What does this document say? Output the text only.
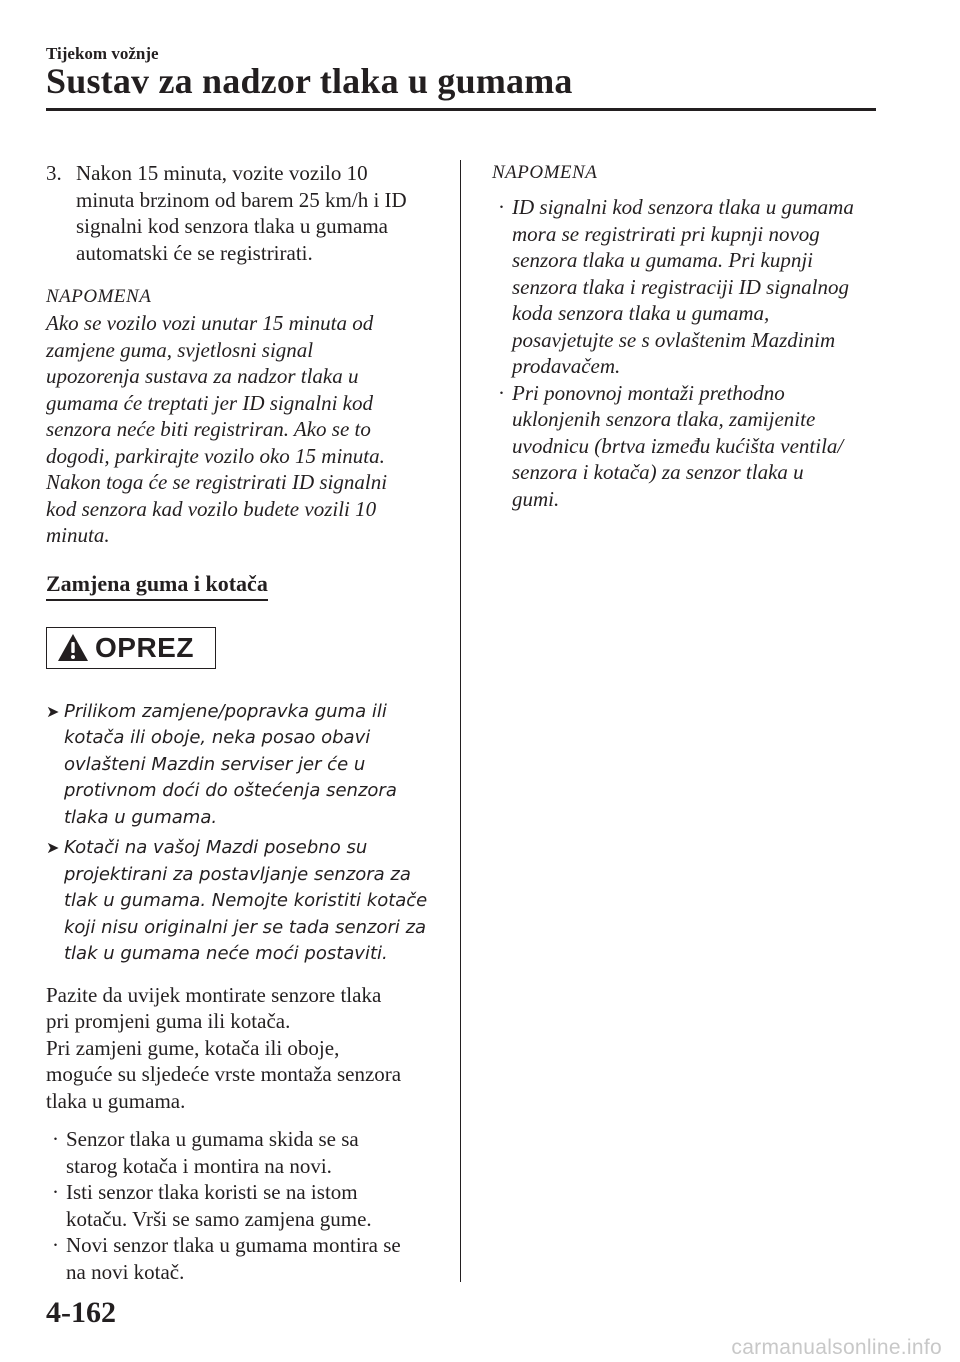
Tijekom vožnje
Sustav za nadzor tlaka u gumama

3. Nakon 15 minuta, vozite vozilo 10

minuta brzinom od barem 25 km/h i ID

signalni kod senzora tlaka u gumama

automatski će se registrirati.

NAPOMENA

Ako se vozilo vozi unutar 15 minuta od

zamjene guma, svjetlosni signal

upozorenja sustava za nadzor tlaka u

gumama će treptati jer ID signalni kod

senzora neće biti registriran. Ako se to

dogodi, parkirajte vozilo oko 15 minuta.

Nakon toga će se registrirati ID signalni

kod senzora kad vozilo budete vozili 10

minuta.

Zamjena guma i kotača
OPREZ
➤ Prilikom zamjene/popravka guma ili
kotača ili oboje, neka posao obavi
ovlašteni Mazdin serviser jer će u
protivnom doći do oštećenja senzora
tlaka u gumama.
➤ Kotači na vašoj Mazdi posebno su
projektirani za postavljanje senzora za
tlak u gumama. Nemojte koristiti kotače
koji nisu originalni jer se tada senzori za
tlak u gumama neće moći postaviti.

Pazite da uvijek montirate senzore tlaka

pri promjeni guma ili kotača.

Pri zamjeni gume, kotača ili oboje,

moguće su sljedeće vrste montaža senzora

tlaka u gumama.

· Senzor tlaka u gumama skida se sa

starog kotača i montira na novi.

· Isti senzor tlaka koristi se na istom

kotaču. Vrši se samo zamjena gume.

· Novi senzor tlaka u gumama montira se

na novi kotač.

NAPOMENA

· ID signalni kod senzora tlaka u gumama

mora se registrirati pri kupnji novog

senzora tlaka u gumama. Pri kupnji

senzora tlaka i registraciji ID signalnog

koda senzora tlaka u gumama,

posavjetujte se s ovlaštenim Mazdinim

prodavačem.

· Pri ponovnoj montaži prethodno

uklonjenih senzora tlaka, zamijenite

uvodnicu (brtva između kućišta ventila/

senzora i kotača) za senzor tlaka u

gumi.

4-162
carmanualsonline.info
